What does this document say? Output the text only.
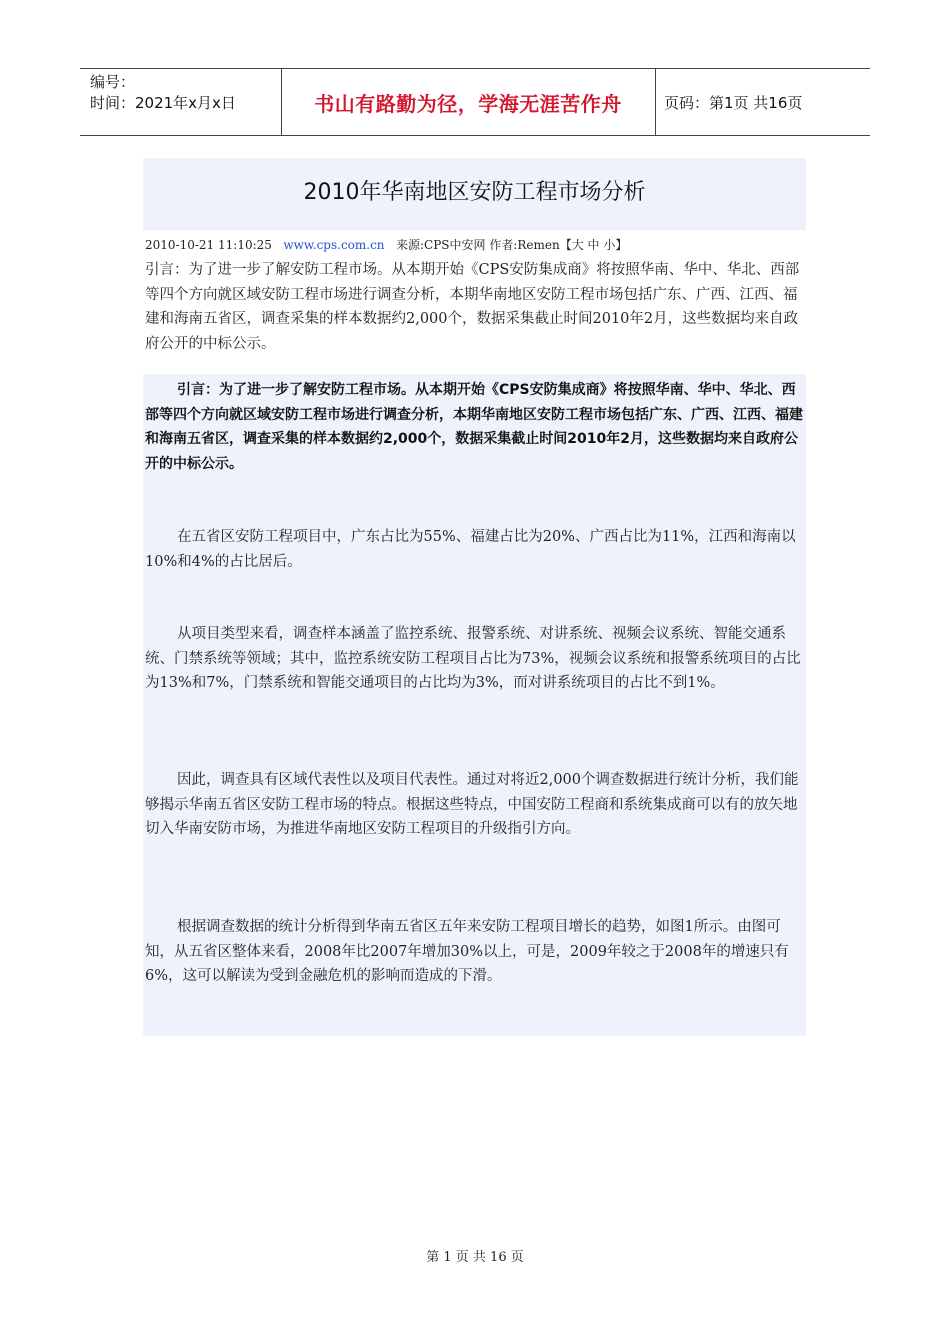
编号：
时间：2021年x月x日	书山有路勤为径，学海无涯苦作舟	页码：第1页 共16页
2010年华南地区安防工程市场分析
2010-10-21 11:10:25 www.cps.com.cn 来源:CPS中安网 作者:Remen【大 中 小】
引言：为了进一步了解安防工程市场。从本期开始《CPS安防集成商》将按照华南、华中、华北、西部等四个方向就区域安防工程市场进行调查分析，本期华南地区安防工程市场包括广东、广西、江西、福建和海南五省区，调查采集的样本数据约2,000个，数据采集截止时间2010年2月，这些数据均来自政府公开的中标公示。
引言：为了进一步了解安防工程市场。从本期开始《CPS安防集成商》将按照华南、华中、华北、西部等四个方向就区域安防工程市场进行调查分析，本期华南地区安防工程市场包括广东、广西、江西、福建和海南五省区，调查采集的样本数据约2,000个，数据采集截止时间2010年2月，这些数据均来自政府公开的中标公示。
在五省区安防工程项目中，广东占比为55%、福建占比为20%、广西占比为11%，江西和海南以10%和4%的占比居后。
从项目类型来看，调查样本涵盖了监控系统、报警系统、对讲系统、视频会议系统、智能交通系统、门禁系统等领域；其中，监控系统安防工程项目占比为73%，视频会议系统和报警系统项目的占比为13%和7%，门禁系统和智能交通项目的占比均为3%，而对讲系统项目的占比不到1%。
因此，调查具有区域代表性以及项目代表性。通过对将近2,000个调查数据进行统计分析，我们能够揭示华南五省区安防工程市场的特点。根据这些特点，中国安防工程商和系统集成商可以有的放矢地切入华南安防市场，为推进华南地区安防工程项目的升级指引方向。
根据调查数据的统计分析得到华南五省区五年来安防工程项目增长的趋势，如图1所示。由图可知，从五省区整体来看，2008年比2007年增加30%以上，可是，2009年较之于2008年的增速只有6%，这可以解读为受到金融危机的影响而造成的下滑。
第 1 页 共 16 页
